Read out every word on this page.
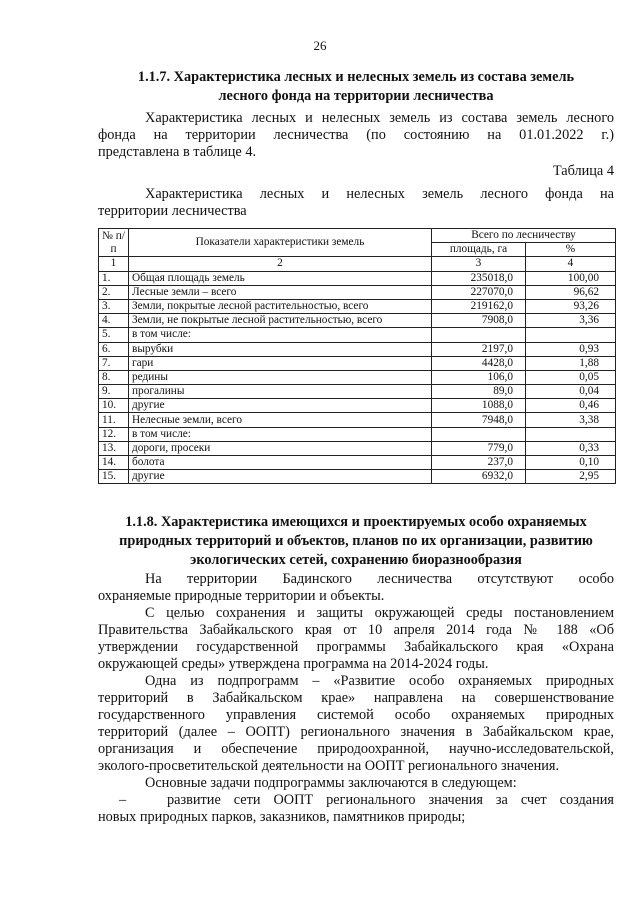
26
1.1.7. Характеристика лесных и нелесных земель из состава земель
лесного фонда на территории лесничества
Характеристика лесных и нелесных земель из состава земель лесного
фонда на территории лесничества (по состоянию на 01.01.2022 г.)
представлена в таблице 4.
Таблица 4
Характеристика лесных и нелесных земель лесного фонда на
территории лесничества
№ п/п	Показатели характеристики земель	Всего по лесничеству	
		площадь, га	%
1	2	3	4
1.	Общая площадь земель	235018,0	100,00
2.	Лесные земли – всего	227070,0	96,62
3.	Земли, покрытые лесной растительностью, всего	219162,0	93,26
4.	Земли, не покрытые лесной растительностью, всего	7908,0	3,36
5.	в том числе:		
6.	вырубки	2197,0	0,93
7.	гари	4428,0	1,88
8.	редины	106,0	0,05
9.	прогалины	89,0	0,04
10.	другие	1088,0	0,46
11.	Нелесные земли, всего	7948,0	3,38
12.	в том числе:		
13.	дороги, просеки	779,0	0,33
14.	болота	237,0	0,10
15.	другие	6932,0	2,95
1.1.8. Характеристика имеющихся и проектируемых особо охраняемых
природных территорий и объектов, планов по их организации, развитию
экологических сетей, сохранению биоразнообразия
На территории Бадинского лесничества отсутствуют особо
охраняемые природные территории и объекты.
С целью сохранения и защиты окружающей среды постановлением
Правительства Забайкальского края от 10 апреля 2014 года № 188 «Об
утверждении государственной программы Забайкальского края «Охрана
окружающей среды» утверждена программа на 2014-2024 годы.
Одна из подпрограмм – «Развитие особо охраняемых природных
территорий в Забайкальском крае» направлена на совершенствование
государственного управления системой особо охраняемых природных
территорий (далее – ООПТ) регионального значения в Забайкальском крае,
организация и обеспечение природоохранной, научно-исследовательской,
эколого-просветительской деятельности на ООПТ регионального значения.
Основные задачи подпрограммы заключаются в следующем:
–	развитие сети ООПТ регионального значения за счет создания
новых природных парков, заказников, памятников природы;
